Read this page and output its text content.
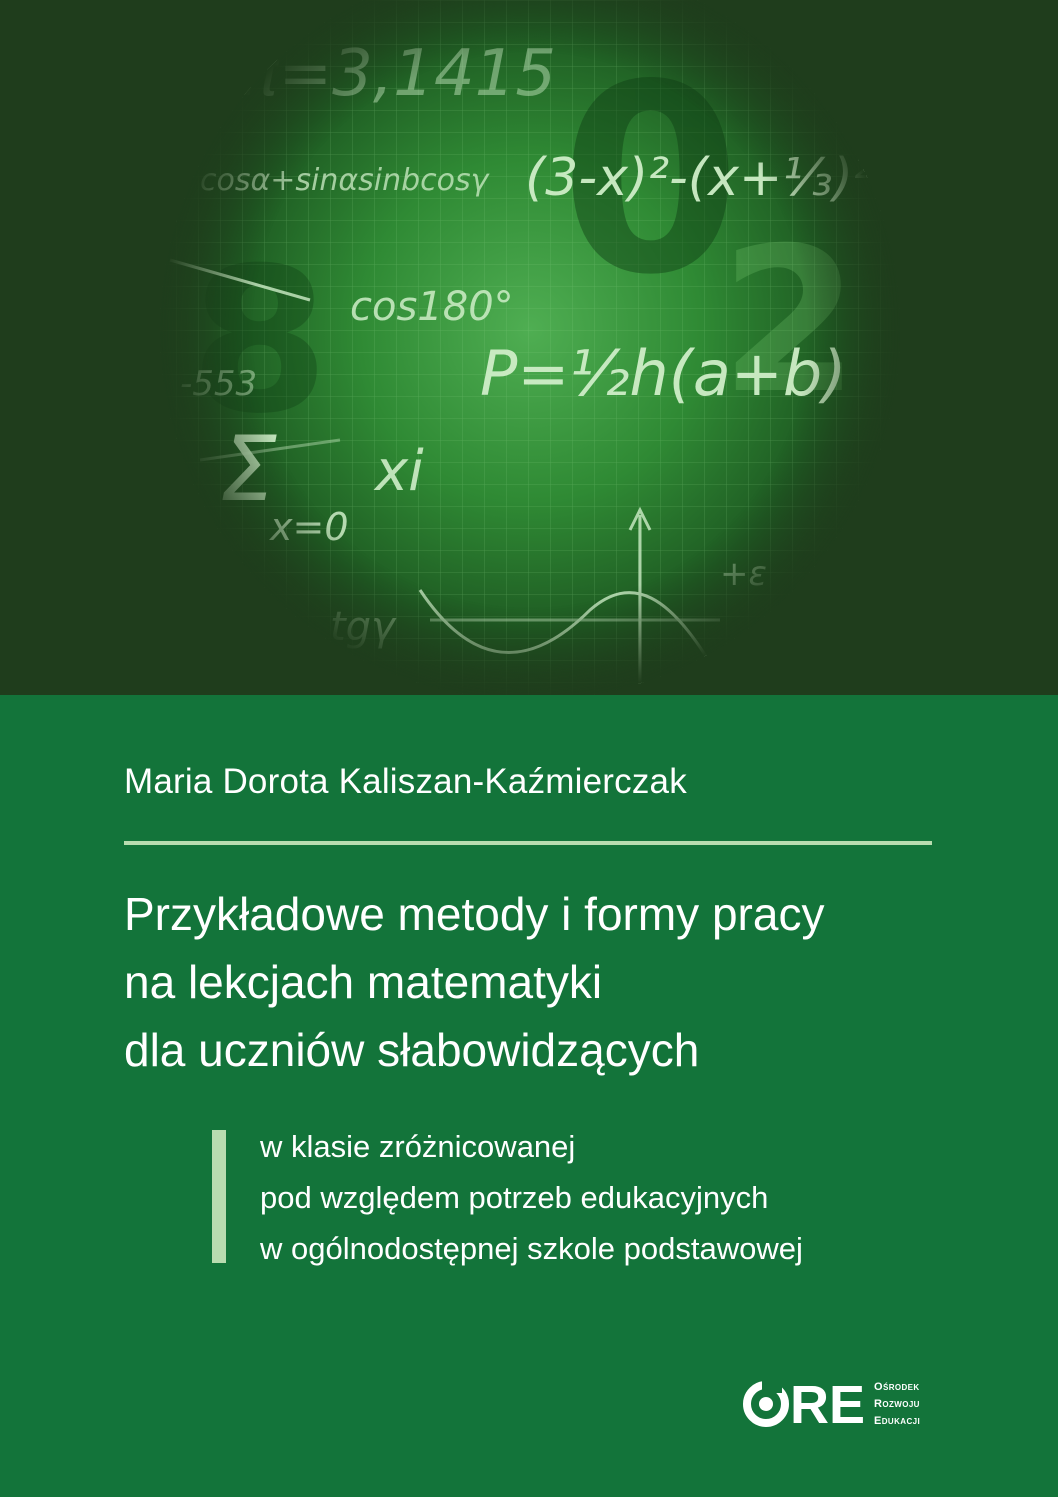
Maria Dorota Kaliszan-Kaźmierczak
Przykładowe metody i formy pracy
na lekcjach matematyki
dla uczniów słabowidzących
w klasie zróżnicowanej
pod względem potrzeb edukacyjnych
w ogólnodostępnej szkole podstawowej
RE Ośrodek
Rozwoju
Edukacji
